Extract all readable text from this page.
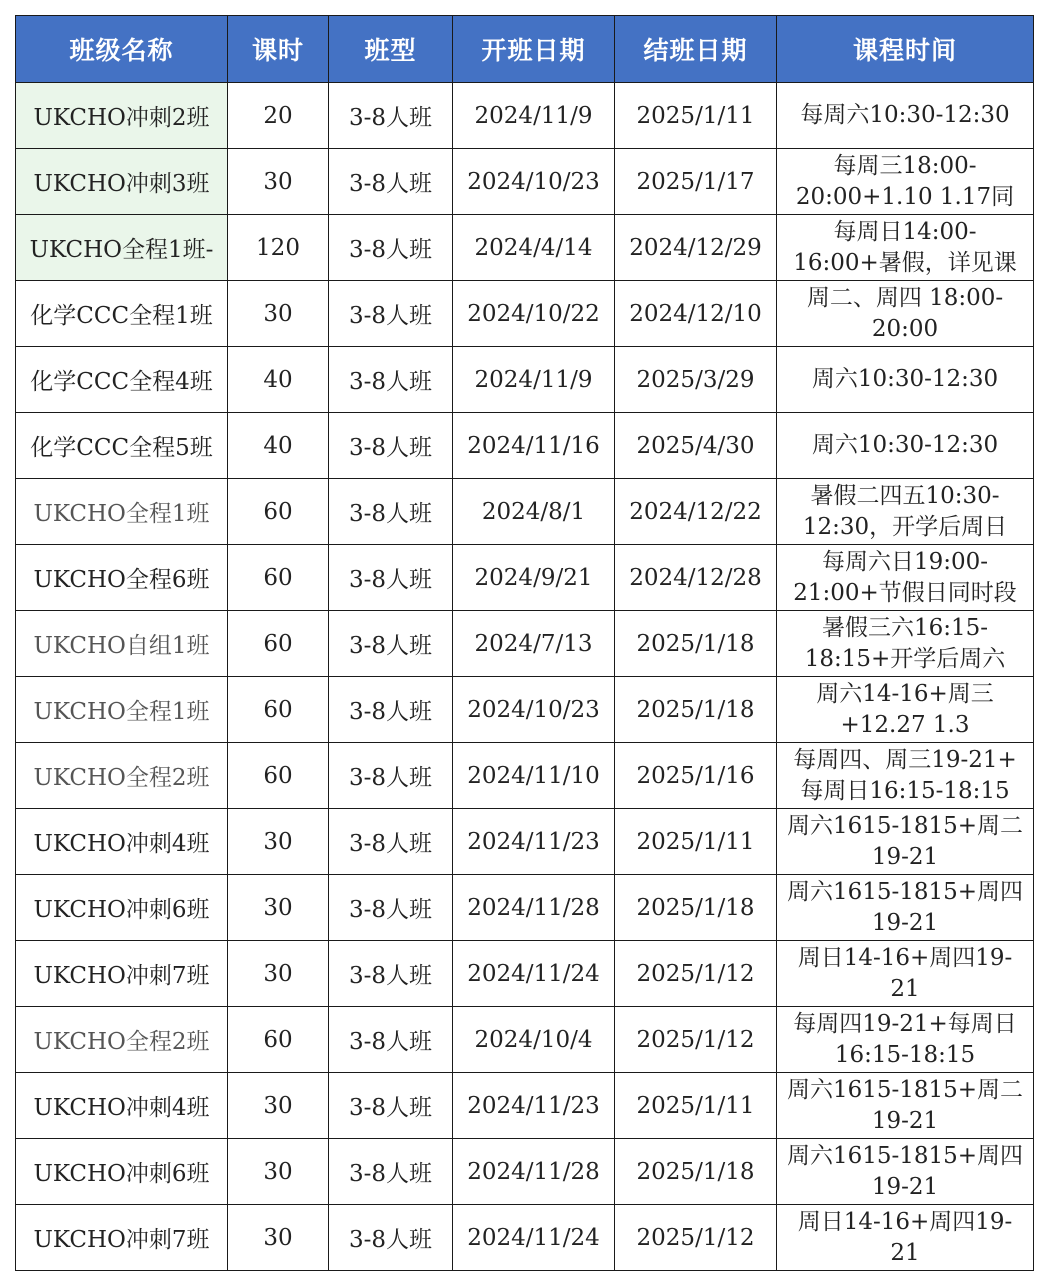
班级名称	课时	班型	开班日期	结班日期	课程时间
UKCHO冲刺2班	20	3-8人班	2024/11/9	2025/1/11	每周六10:30-12:30

UKCHO冲刺3班	30	3-8人班	2024/10/23	2025/1/17	每周三18:00-
20:00+1.10 1.17同

UKCHO全程1班-	120	3-8人班	2024/4/14	2024/12/29	每周日14:00-
16:00+暑假，详见课

化学CCC全程1班	30	3-8人班	2024/10/22	2024/12/10	周二、周四 18:00-
20:00

化学CCC全程4班	40	3-8人班	2024/11/9	2025/3/29	周六10:30-12:30

化学CCC全程5班	40	3-8人班	2024/11/16	2025/4/30	周六10:30-12:30

UKCHO全程1班	60	3-8人班	2024/8/1	2024/12/22	暑假二四五10:30-
12:30，开学后周日

UKCHO全程6班	60	3-8人班	2024/9/21	2024/12/28	每周六日19:00-
21:00+节假日同时段

UKCHO自组1班	60	3-8人班	2024/7/13	2025/1/18	暑假三六16:15-
18:15+开学后周六

UKCHO全程1班	60	3-8人班	2024/10/23	2025/1/18	周六14-16+周三
+12.27 1.3

UKCHO全程2班	60	3-8人班	2024/11/10	2025/1/16	每周四、周三19-21+
每周日16:15-18:15

UKCHO冲刺4班	30	3-8人班	2024/11/23	2025/1/11	周六1615-1815+周二
19-21

UKCHO冲刺6班	30	3-8人班	2024/11/28	2025/1/18	周六1615-1815+周四
19-21

UKCHO冲刺7班	30	3-8人班	2024/11/24	2025/1/12	周日14-16+周四19-
21

UKCHO全程2班	60	3-8人班	2024/10/4	2025/1/12	每周四19-21+每周日
16:15-18:15

UKCHO冲刺4班	30	3-8人班	2024/11/23	2025/1/11	周六1615-1815+周二
19-21

UKCHO冲刺6班	30	3-8人班	2024/11/28	2025/1/18	周六1615-1815+周四
19-21

UKCHO冲刺7班	30	3-8人班	2024/11/24	2025/1/12	周日14-16+周四19-
21
